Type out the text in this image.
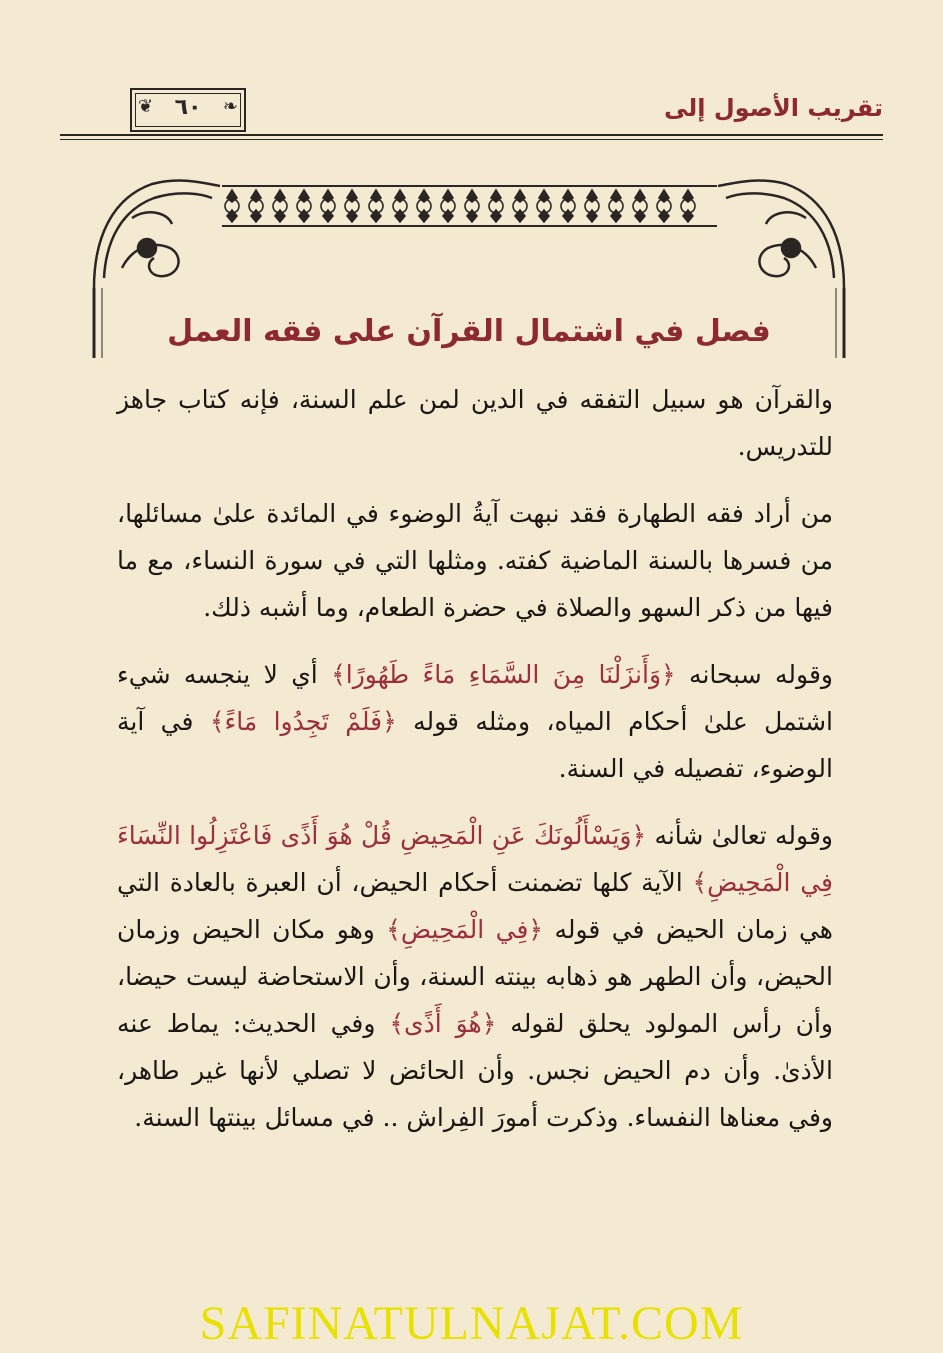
❦	❧
٦٠	تقريب الأصول إلى
فصل في اشتمال القرآن على فقه العمل

والقرآن هو سبيل التفقه في الدين لمن علم السنة، فإنه كتاب جاهز للتدريس.

من أراد فقه الطهارة فقد نبهت آيةُ الوضوء في المائدة علىٰ مسائلها، من فسرها بالسنة الماضية كفته. ومثلها التي في سورة النساء، مع ما فيها من ذكر السهو والصلاة في حضرة الطعام، وما أشبه ذلك.

وقوله سبحانه ﴿وَأَنزَلْنَا مِنَ السَّمَاءِ مَاءً طَهُورًا﴾ أي لا ينجسه شيء اشتمل علىٰ أحكام المياه، ومثله قوله ﴿فَلَمْ تَجِدُوا مَاءً﴾ في آية الوضوء، تفصيله في السنة.

وقوله تعالىٰ شأنه ﴿وَيَسْأَلُونَكَ عَنِ الْمَحِيضِ قُلْ هُوَ أَذًى فَاعْتَزِلُوا النِّسَاءَ فِي الْمَحِيضِ﴾ الآية كلها تضمنت أحكام الحيض، أن العبرة بالعادة التي هي زمان الحيض في قوله ﴿فِي الْمَحِيضِ﴾ وهو مكان الحيض وزمان الحيض، وأن الطهر هو ذهابه بينته السنة، وأن الاستحاضة ليست حيضا، وأن رأس المولود يحلق لقوله ﴿هُوَ أَذًى﴾ وفي الحديث: يماط عنه الأذىٰ. وأن دم الحيض نجس. وأن الحائض لا تصلي لأنها غير طاهر، وفي معناها النفساء. وذكرت أمورَ الفِراش .. في مسائل بينتها السنة.

SAFINATULNAJAT.COM
